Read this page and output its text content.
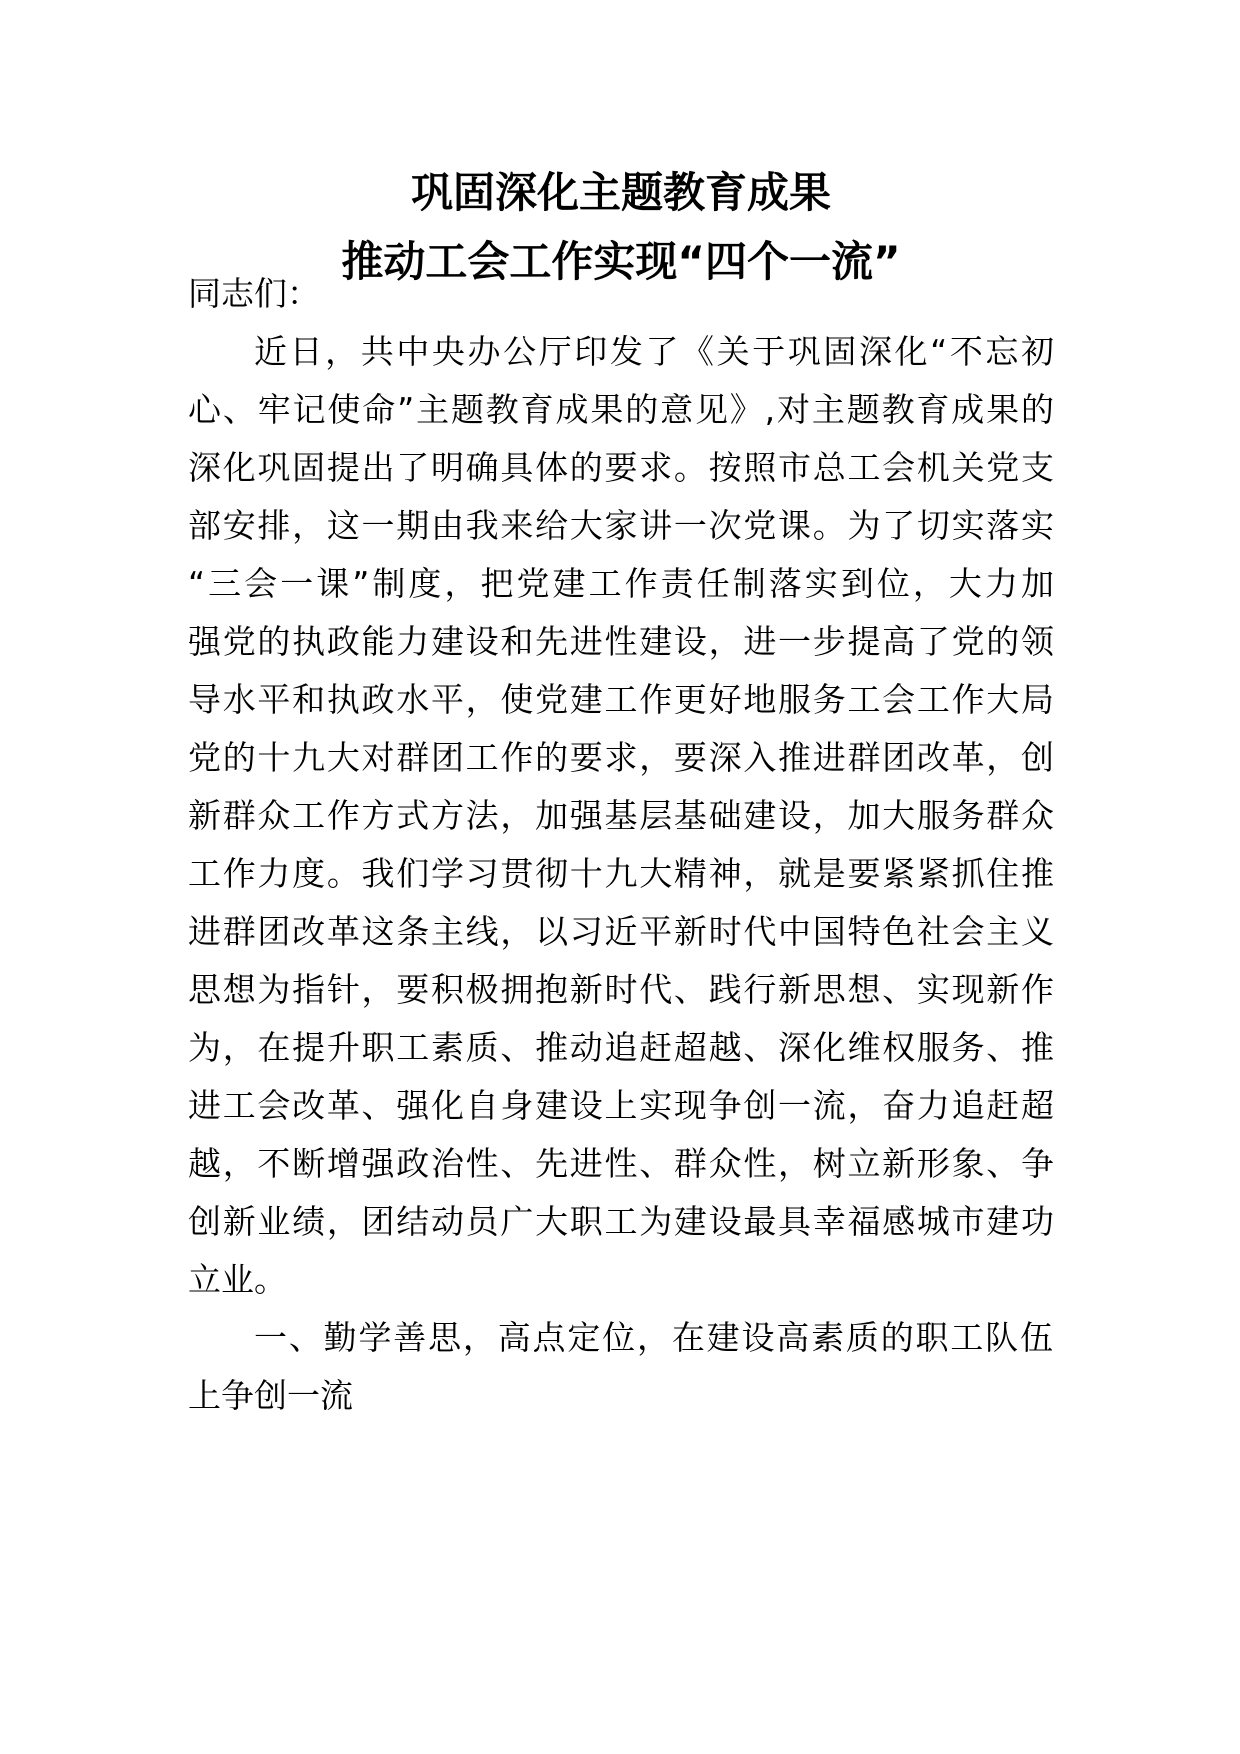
巩固深化主题教育成果
推动工会工作实现“四个一流”
同志们：
近日，共中央办公厅印发了《关于巩固深化“不忘初
心、牢记使命”主题教育成果的意见》,对主题教育成果的
深化巩固提出了明确具体的要求。按照市总工会机关党支
部安排，这一期由我来给大家讲一次党课。为了切实落实
“三会一课”制度，把党建工作责任制落实到位，大力加
强党的执政能力建设和先进性建设，进一步提高了党的领
导水平和执政水平，使党建工作更好地服务工会工作大局
党的十九大对群团工作的要求，要深入推进群团改革，创
新群众工作方式方法，加强基层基础建设，加大服务群众
工作力度。我们学习贯彻十九大精神，就是要紧紧抓住推
进群团改革这条主线，以习近平新时代中国特色社会主义
思想为指针，要积极拥抱新时代、践行新思想、实现新作
为，在提升职工素质、推动追赶超越、深化维权服务、推
进工会改革、强化自身建设上实现争创一流，奋力追赶超
越，不断增强政治性、先进性、群众性，树立新形象、争
创新业绩，团结动员广大职工为建设最具幸福感城市建功
立业。
一、勤学善思，高点定位，在建设高素质的职工队伍
上争创一流
